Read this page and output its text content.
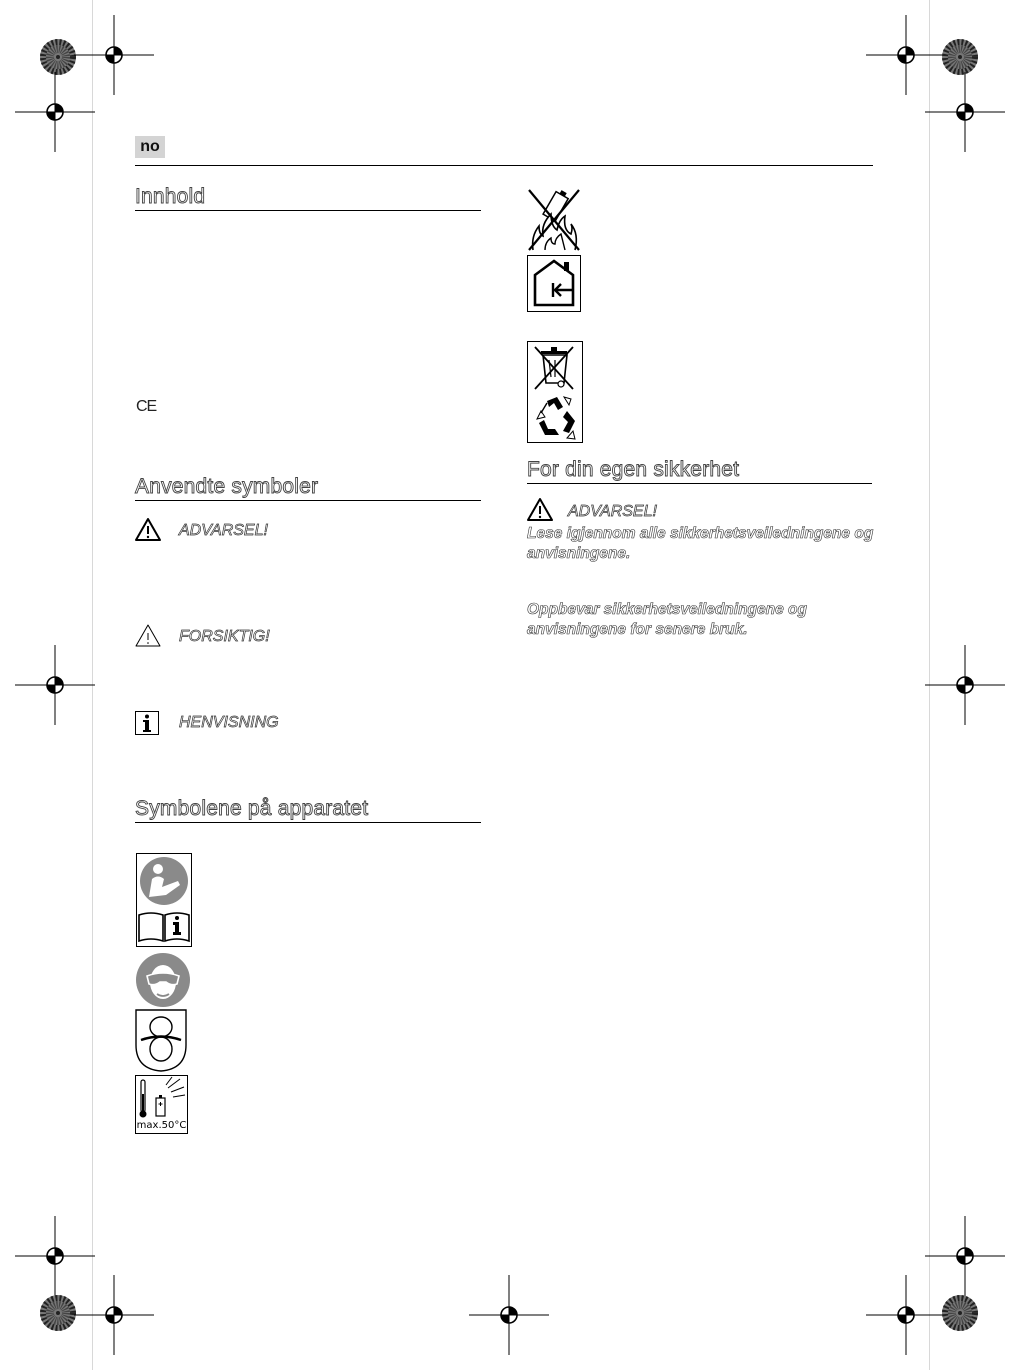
no
Innhold
CE
Anvendte symboler
ADVARSEL!
FORSIKTIG!
HENVISNING
Symbolene på apparatet
max.50°C
For din egen sikkerhet
ADVARSEL!
Lese igjennom alle sikkerhetsveiledningene og anvisningene.
Oppbevar sikkerhetsveiledningene og anvisningene for senere bruk.
